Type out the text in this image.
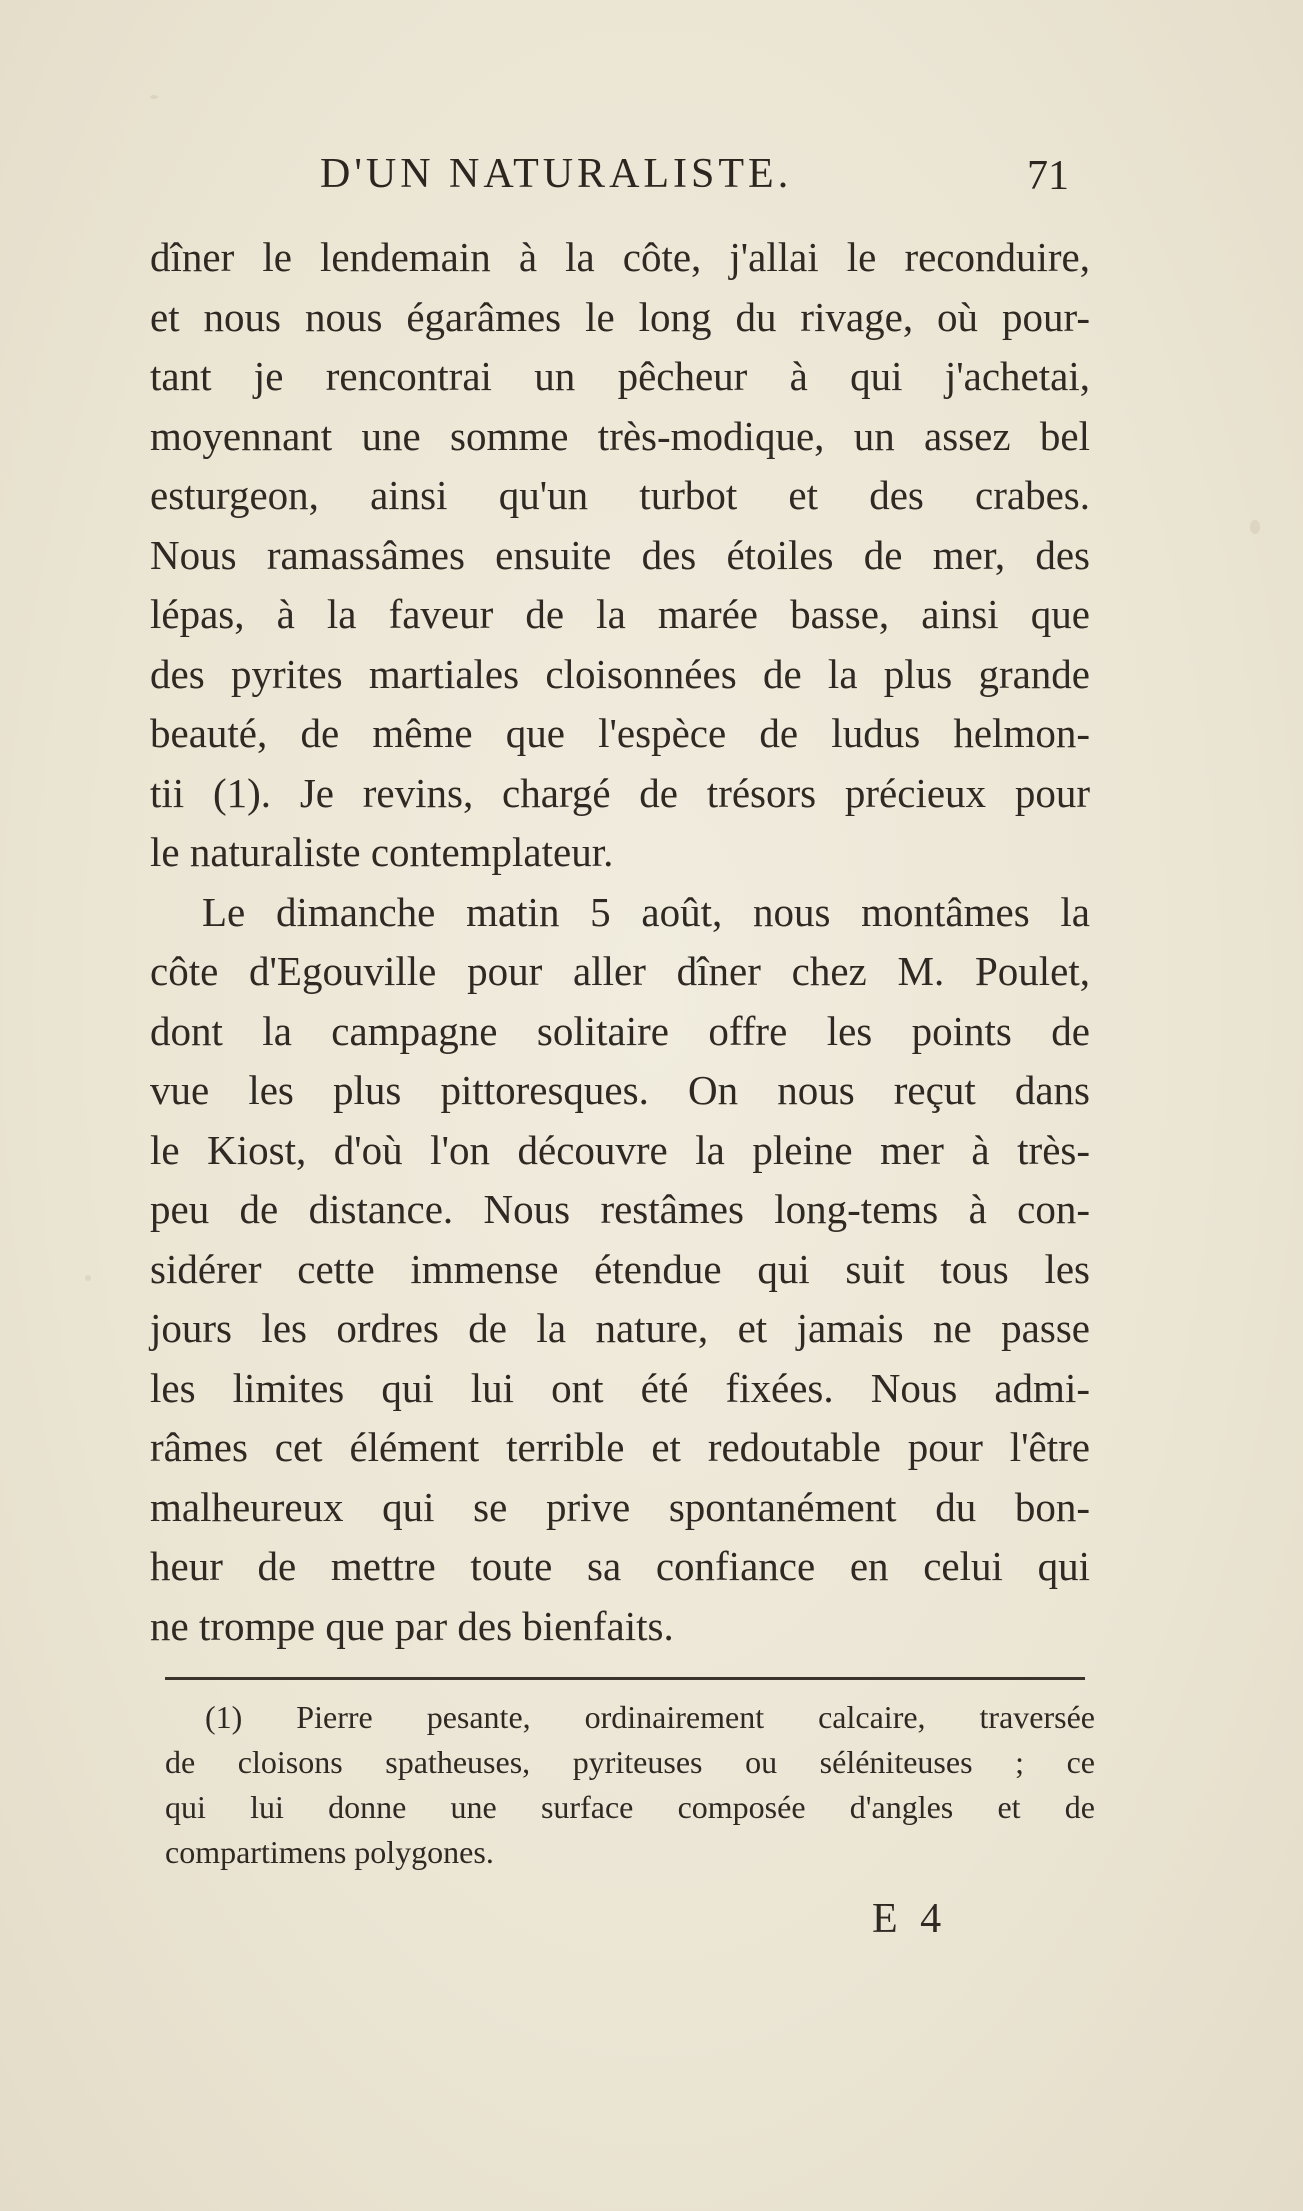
D'UN NATURALISTE.	71
dîner le lendemain à la côte, j'allai le reconduire,
et nous nous égarâmes le long du rivage, où pour-
tant je rencontrai un pêcheur à qui j'achetai,
moyennant une somme très-modique, un assez bel
esturgeon, ainsi qu'un turbot et des crabes.
Nous ramassâmes ensuite des étoiles de mer, des
lépas, à la faveur de la marée basse, ainsi que
des pyrites martiales cloisonnées de la plus grande
beauté, de même que l'espèce de ludus helmon-
tii (1). Je revins, chargé de trésors précieux pour
le naturaliste contemplateur.
Le dimanche matin 5 août, nous montâmes la
côte d'Egouville pour aller dîner chez M. Poulet,
dont la campagne solitaire offre les points de
vue les plus pittoresques. On nous reçut dans
le Kiost, d'où l'on découvre la pleine mer à très-
peu de distance. Nous restâmes long-tems à con-
sidérer cette immense étendue qui suit tous les
jours les ordres de la nature, et jamais ne passe
les limites qui lui ont été fixées. Nous admi-
râmes cet élément terrible et redoutable pour l'être
malheureux qui se prive spontanément du bon-
heur de mettre toute sa confiance en celui qui
ne trompe que par des bienfaits.
(1) Pierre pesante, ordinairement calcaire, traversée
de cloisons spatheuses, pyriteuses ou séléniteuses ; ce
qui lui donne une surface composée d'angles et de
compartimens polygones.
E 4
